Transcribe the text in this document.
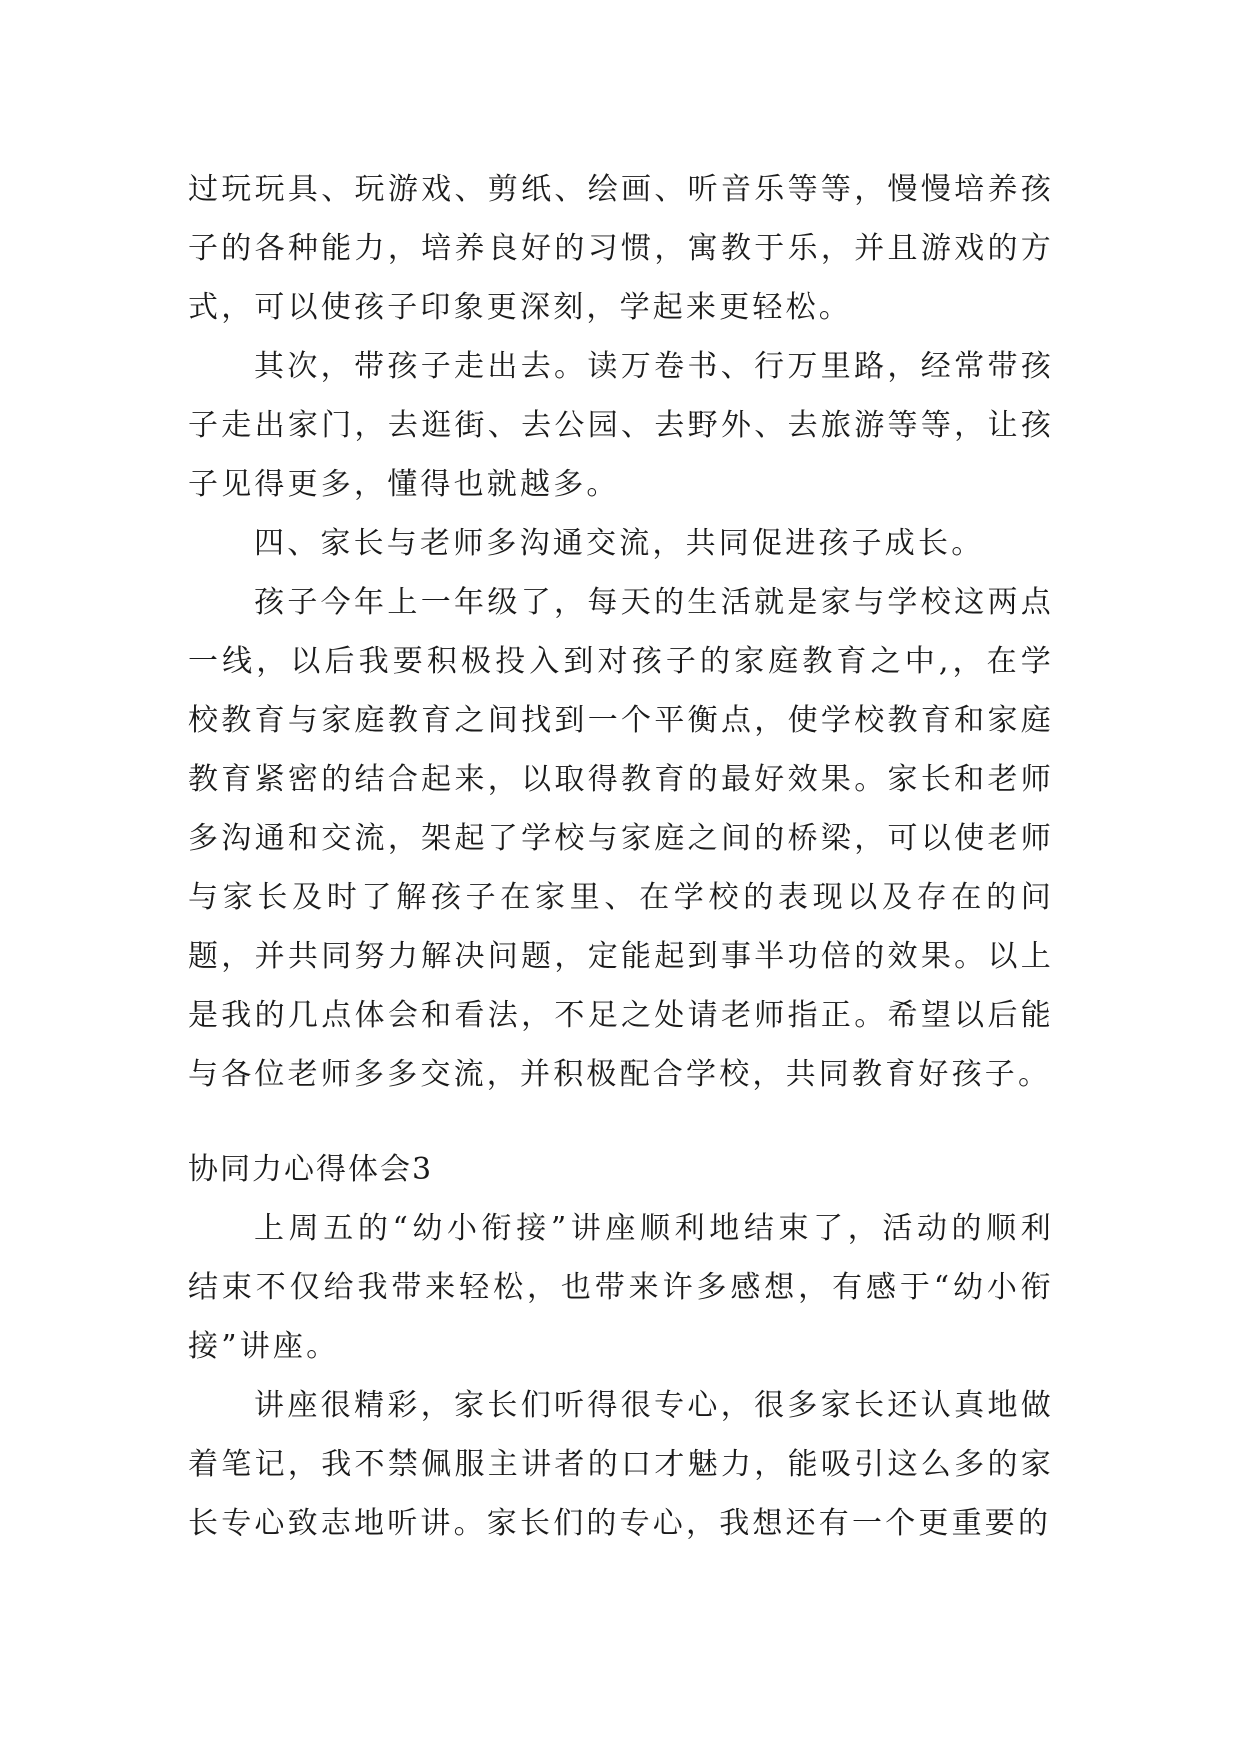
过玩玩具、玩游戏、剪纸、绘画、听音乐等等，慢慢培养孩子的各种能力，培养良好的习惯，寓教于乐，并且游戏的方式，可以使孩子印象更深刻，学起来更轻松。

其次，带孩子走出去。读万卷书、行万里路，经常带孩子走出家门，去逛街、去公园、去野外、去旅游等等，让孩子见得更多，懂得也就越多。

四、家长与老师多沟通交流，共同促进孩子成长。

孩子今年上一年级了，每天的生活就是家与学校这两点一线，以后我要积极投入到对孩子的家庭教育之中,，在学校教育与家庭教育之间找到一个平衡点，使学校教育和家庭教育紧密的结合起来，以取得教育的最好效果。家长和老师多沟通和交流，架起了学校与家庭之间的桥梁，可以使老师与家长及时了解孩子在家里、在学校的表现以及存在的问题，并共同努力解决问题，定能起到事半功倍的效果。以上是我的几点体会和看法，不足之处请老师指正。希望以后能与各位老师多多交流，并积极配合学校，共同教育好孩子。

协同力心得体会3

上周五的“幼小衔接”讲座顺利地结束了，活动的顺利结束不仅给我带来轻松，也带来许多感想，有感于“幼小衔接”讲座。

讲座很精彩，家长们听得很专心，很多家长还认真地做着笔记，我不禁佩服主讲者的口才魅力，能吸引这么多的家长专心致志地听讲。家长们的专心，我想还有一个更重要的
